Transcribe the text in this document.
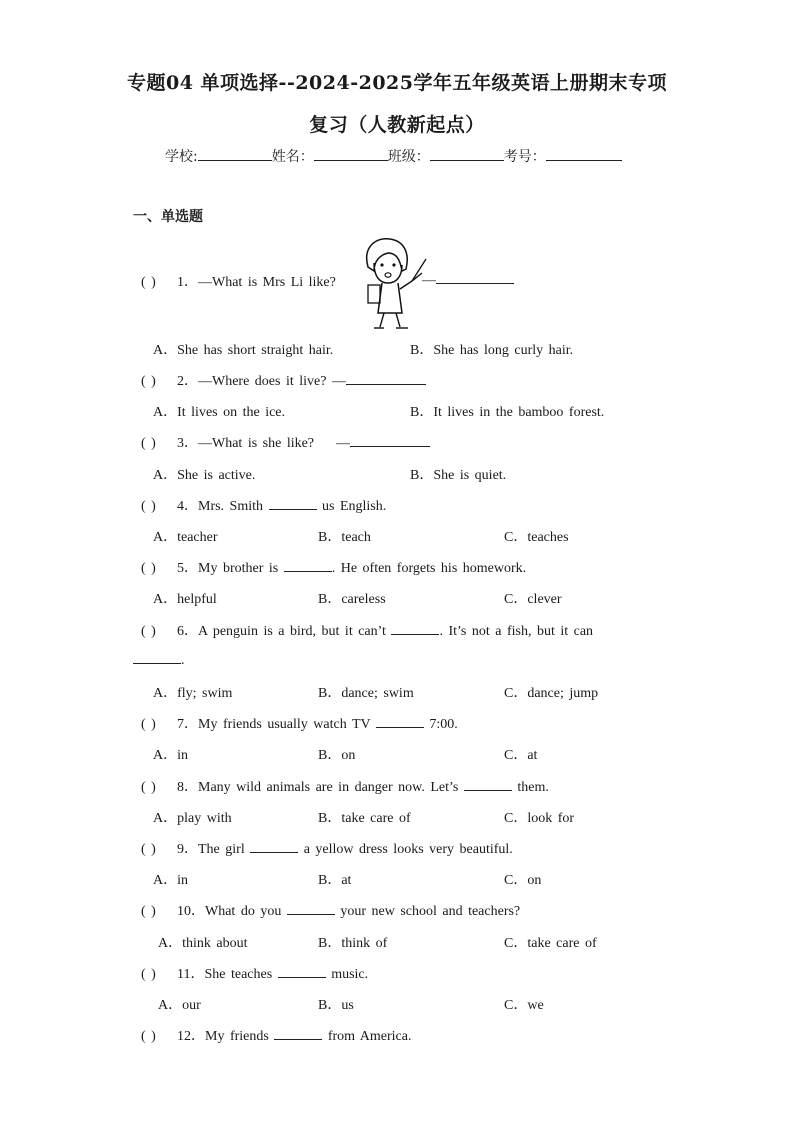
专题04 单项选择--2024-2025学年五年级英语上册期末专项
复习（人教新起点）
学校:	姓名：	班级：	考号：
一、单选题
( ) 1．—What is Mrs Li like?	—
A．She has short straight hair.	B．She has long curly hair.
( ) 2．—Where does it live? —
A．It lives on the ice.	B．It lives in the bamboo forest.
( ) 3．—What is she like?    —
A．She is active.	B．She is quiet.
( ) 4．Mrs. Smith	us English.
A．teacher	B．teach	C．teaches
( ) 5．My brother is	. He often forgets his homework.
A．helpful	B．careless	C．clever
( ) 6．A penguin is a bird, but it can’t	. It’s not a fish, but it can
.
A．fly; swim	B．dance; swim	C．dance; jump
( ) 7．My friends usually watch TV	7:00.
A．in	B．on	C．at
( ) 8．Many wild animals are in danger now. Let’s	them.
A．play with	B．take care of	C．look for
( ) 9．The girl	a yellow dress looks very beautiful.
A．in	B．at	C．on
( ) 10．What do you	your new school and teachers?
A．think about	B．think of	C．take care of
( ) 11．She teaches	music.
A．our	B．us	C．we
( ) 12．My friends	from America.
